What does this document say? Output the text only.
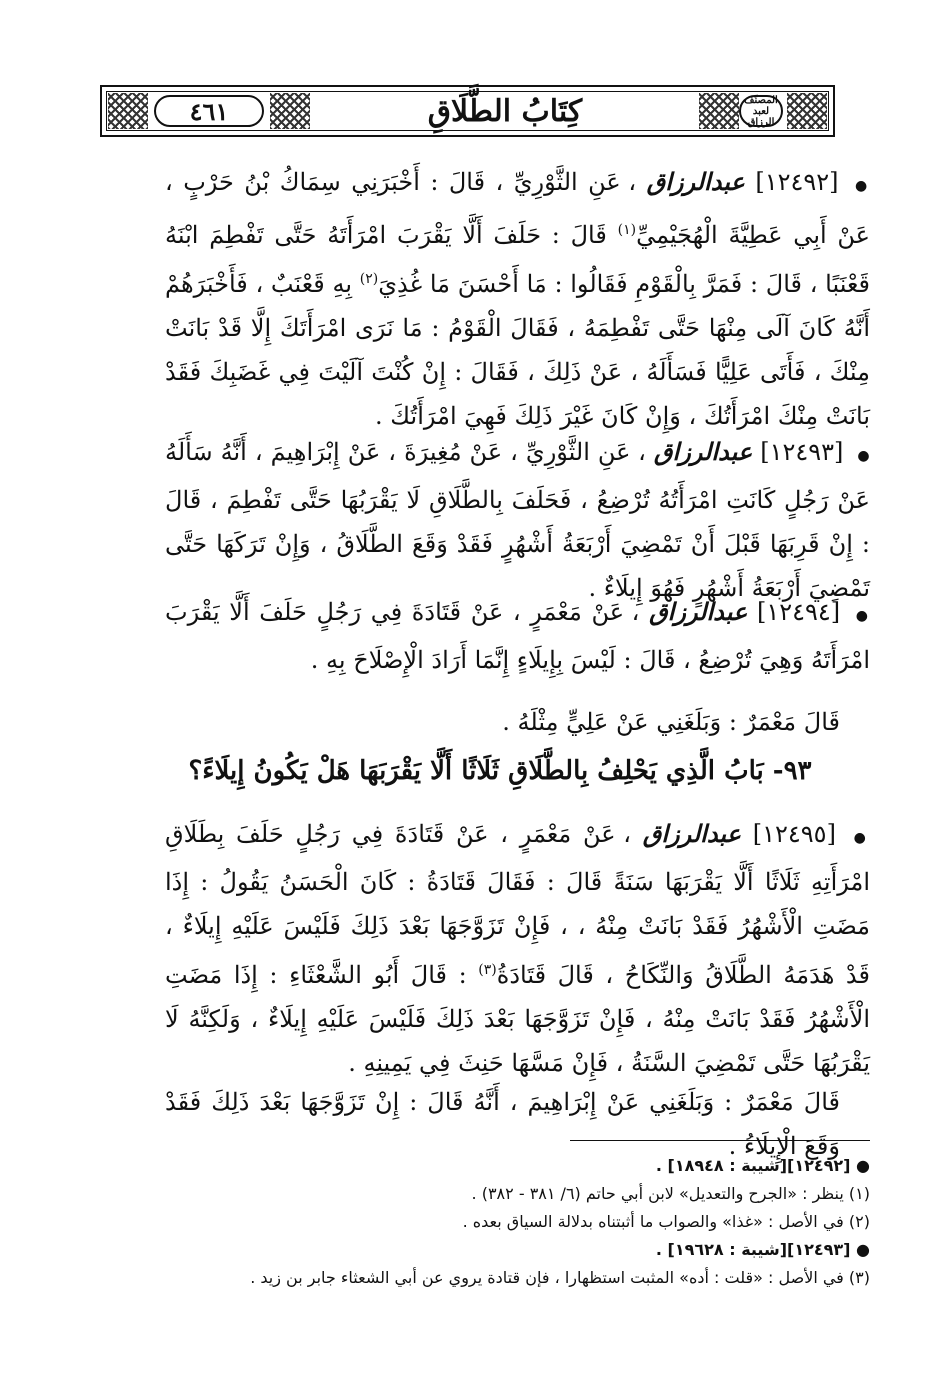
٤٦١	كِتَابُ الطَّلَاقِ	المصنّف
لعبد الرزاق
● [١٢٤٩٢] عبدالرزاق ، عَنِ الثَّوْرِيِّ ، قَالَ : أَخْبَرَنِي سِمَاكُ بْنُ حَرْبٍ ، عَنْ أَبِي عَطِيَّةَ الْهُجَيْمِيِّ$^{(١)}$ قَالَ : حَلَفَ أَلَّا يَقْرَبَ امْرَأَتَهُ حَتَّى تَفْطِمَ ابْنَهُ قَعْنَبًا ، قَالَ : فَمَرَّ بِالْقَوْمِ فَقَالُوا : مَا أَحْسَنَ مَا غُذِيَ$^{(٢)}$ بِهِ قَعْنَبٌ ، فَأَخْبَرَهُمْ أَنَّهُ كَانَ آلَى مِنْهَا حَتَّى تَفْطِمَهُ ، فَقَالَ الْقَوْمُ : مَا نَرَى امْرَأَتَكَ إِلَّا قَدْ بَانَتْ مِنْكَ ، فَأَتَى عَلِيًّا فَسَأَلَهُ ، عَنْ ذَلِكَ ، فَقَالَ : إِنْ كُنْتَ آلَيْتَ فِي غَضَبِكَ فَقَدْ بَانَتْ مِنْكَ امْرَأَتُكَ ، وَإِنْ كَانَ غَيْرَ ذَلِكَ فَهِيَ امْرَأَتُكَ .
● [١٢٤٩٣] عبدالرزاق ، عَنِ الثَّوْرِيِّ ، عَنْ مُغِيرَةَ ، عَنْ إِبْرَاهِيمَ ، أَنَّهُ سَأَلَهُ عَنْ رَجُلٍ كَانَتِ امْرَأَتُهُ تُرْضِعُ ، فَحَلَفَ بِالطَّلَاقِ لَا يَقْرَبُهَا حَتَّى تَفْطِمَ ، قَالَ : إِنْ قَرِبَهَا قَبْلَ أَنْ تَمْضِيَ أَرْبَعَةُ أَشْهُرٍ فَقَدْ وَقَعَ الطَّلَاقُ ، وَإِنْ تَرَكَهَا حَتَّى تَمْضِيَ أَرْبَعَةُ أَشْهُرٍ فَهُوَ إِيلَاءٌ .
● [١٢٤٩٤] عبدالرزاق ، عَنْ مَعْمَرٍ ، عَنْ قَتَادَةَ فِي رَجُلٍ حَلَفَ أَلَّا يَقْرَبَ امْرَأَتَهُ وَهِيَ تُرْضِعُ ، قَالَ : لَيْسَ بِإِيلَاءٍ إِنَّمَا أَرَادَ الْإِصْلَاحَ بِهِ .
قَالَ مَعْمَرٌ : وَبَلَغَنِي عَنْ عَلِيٍّ مِثْلَهُ .
٩٣- بَابُ الَّذِي يَحْلِفُ بِالطَّلَاقِ ثَلَاثًا أَلَّا يَقْرَبَهَا هَلْ يَكُونُ إِيلَاءً؟
● [١٢٤٩٥] عبدالرزاق ، عَنْ مَعْمَرٍ ، عَنْ قَتَادَةَ فِي رَجُلٍ حَلَفَ بِطَلَاقِ امْرَأَتِهِ ثَلَاثًا أَلَّا يَقْرَبَهَا سَنَةً قَالَ : فَقَالَ قَتَادَةُ : كَانَ الْحَسَنُ يَقُولُ : إِذَا مَضَتِ الْأَشْهُرُ فَقَدْ بَانَتْ مِنْهُ ، ، فَإِنْ تَزَوَّجَهَا بَعْدَ ذَلِكَ فَلَيْسَ عَلَيْهِ إِيلَاءٌ ، قَدْ هَدَمَهُ الطَّلَاقُ وَالنِّكَاحُ ، قَالَ قَتَادَةُ$^{(٣)}$ : قَالَ أَبُو الشَّعْثَاءِ : إِذَا مَضَتِ الْأَشْهُرُ فَقَدْ بَانَتْ مِنْهُ ، فَإِنْ تَزَوَّجَهَا بَعْدَ ذَلِكَ فَلَيْسَ عَلَيْهِ إِيلَاءٌ ، وَلَكِنَّهُ لَا يَقْرَبُهَا حَتَّى تَمْضِيَ السَّنَةُ ، فَإِنْ مَسَّهَا حَنِثَ فِي يَمِينِهِ .
قَالَ مَعْمَرٌ : وَبَلَغَنِي عَنْ إِبْرَاهِيمَ ، أَنَّهُ قَالَ : إِنْ تَزَوَّجَهَا بَعْدَ ذَلِكَ فَقَدْ وَقَعَ الْإِيلَاءُ .
● [١٢٤٩٢][شيبة : ١٨٩٤٨] .
(١) ينظر : «الجرح والتعديل» لابن أبي حاتم (٦/ ٣٨١ - ٣٨٢) .
(٢) في الأصل : «غذا» والصواب ما أثبتناه بدلالة السياق بعده .
● [١٢٤٩٣][شيبة : ١٩٦٢٨] .
(٣) في الأصل : «قلت : أده» المثبت استظهارا ، فإن قتادة يروي عن أبي الشعثاء جابر بن زيد .
